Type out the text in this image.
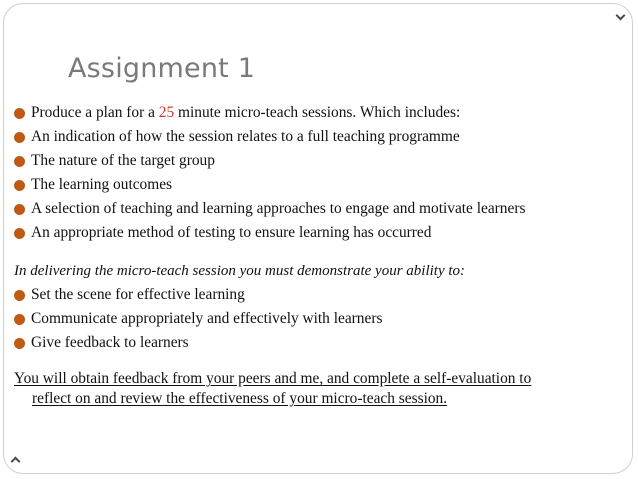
Assignment 1
Produce a plan for a 25 minute micro-teach sessions. Which includes:
An indication of how the session relates to a full teaching programme
The nature of the target group
The learning outcomes
A selection of teaching and learning approaches to engage and motivate learners
An appropriate method of testing to ensure learning has occurred
In delivering the micro-teach session you must demonstrate your ability to:
Set the scene for effective learning
Communicate appropriately and effectively with learners
Give feedback to learners
You will obtain feedback from your peers and me, and complete a self-evaluation to
reflect on and review the effectiveness of your micro-teach session.
